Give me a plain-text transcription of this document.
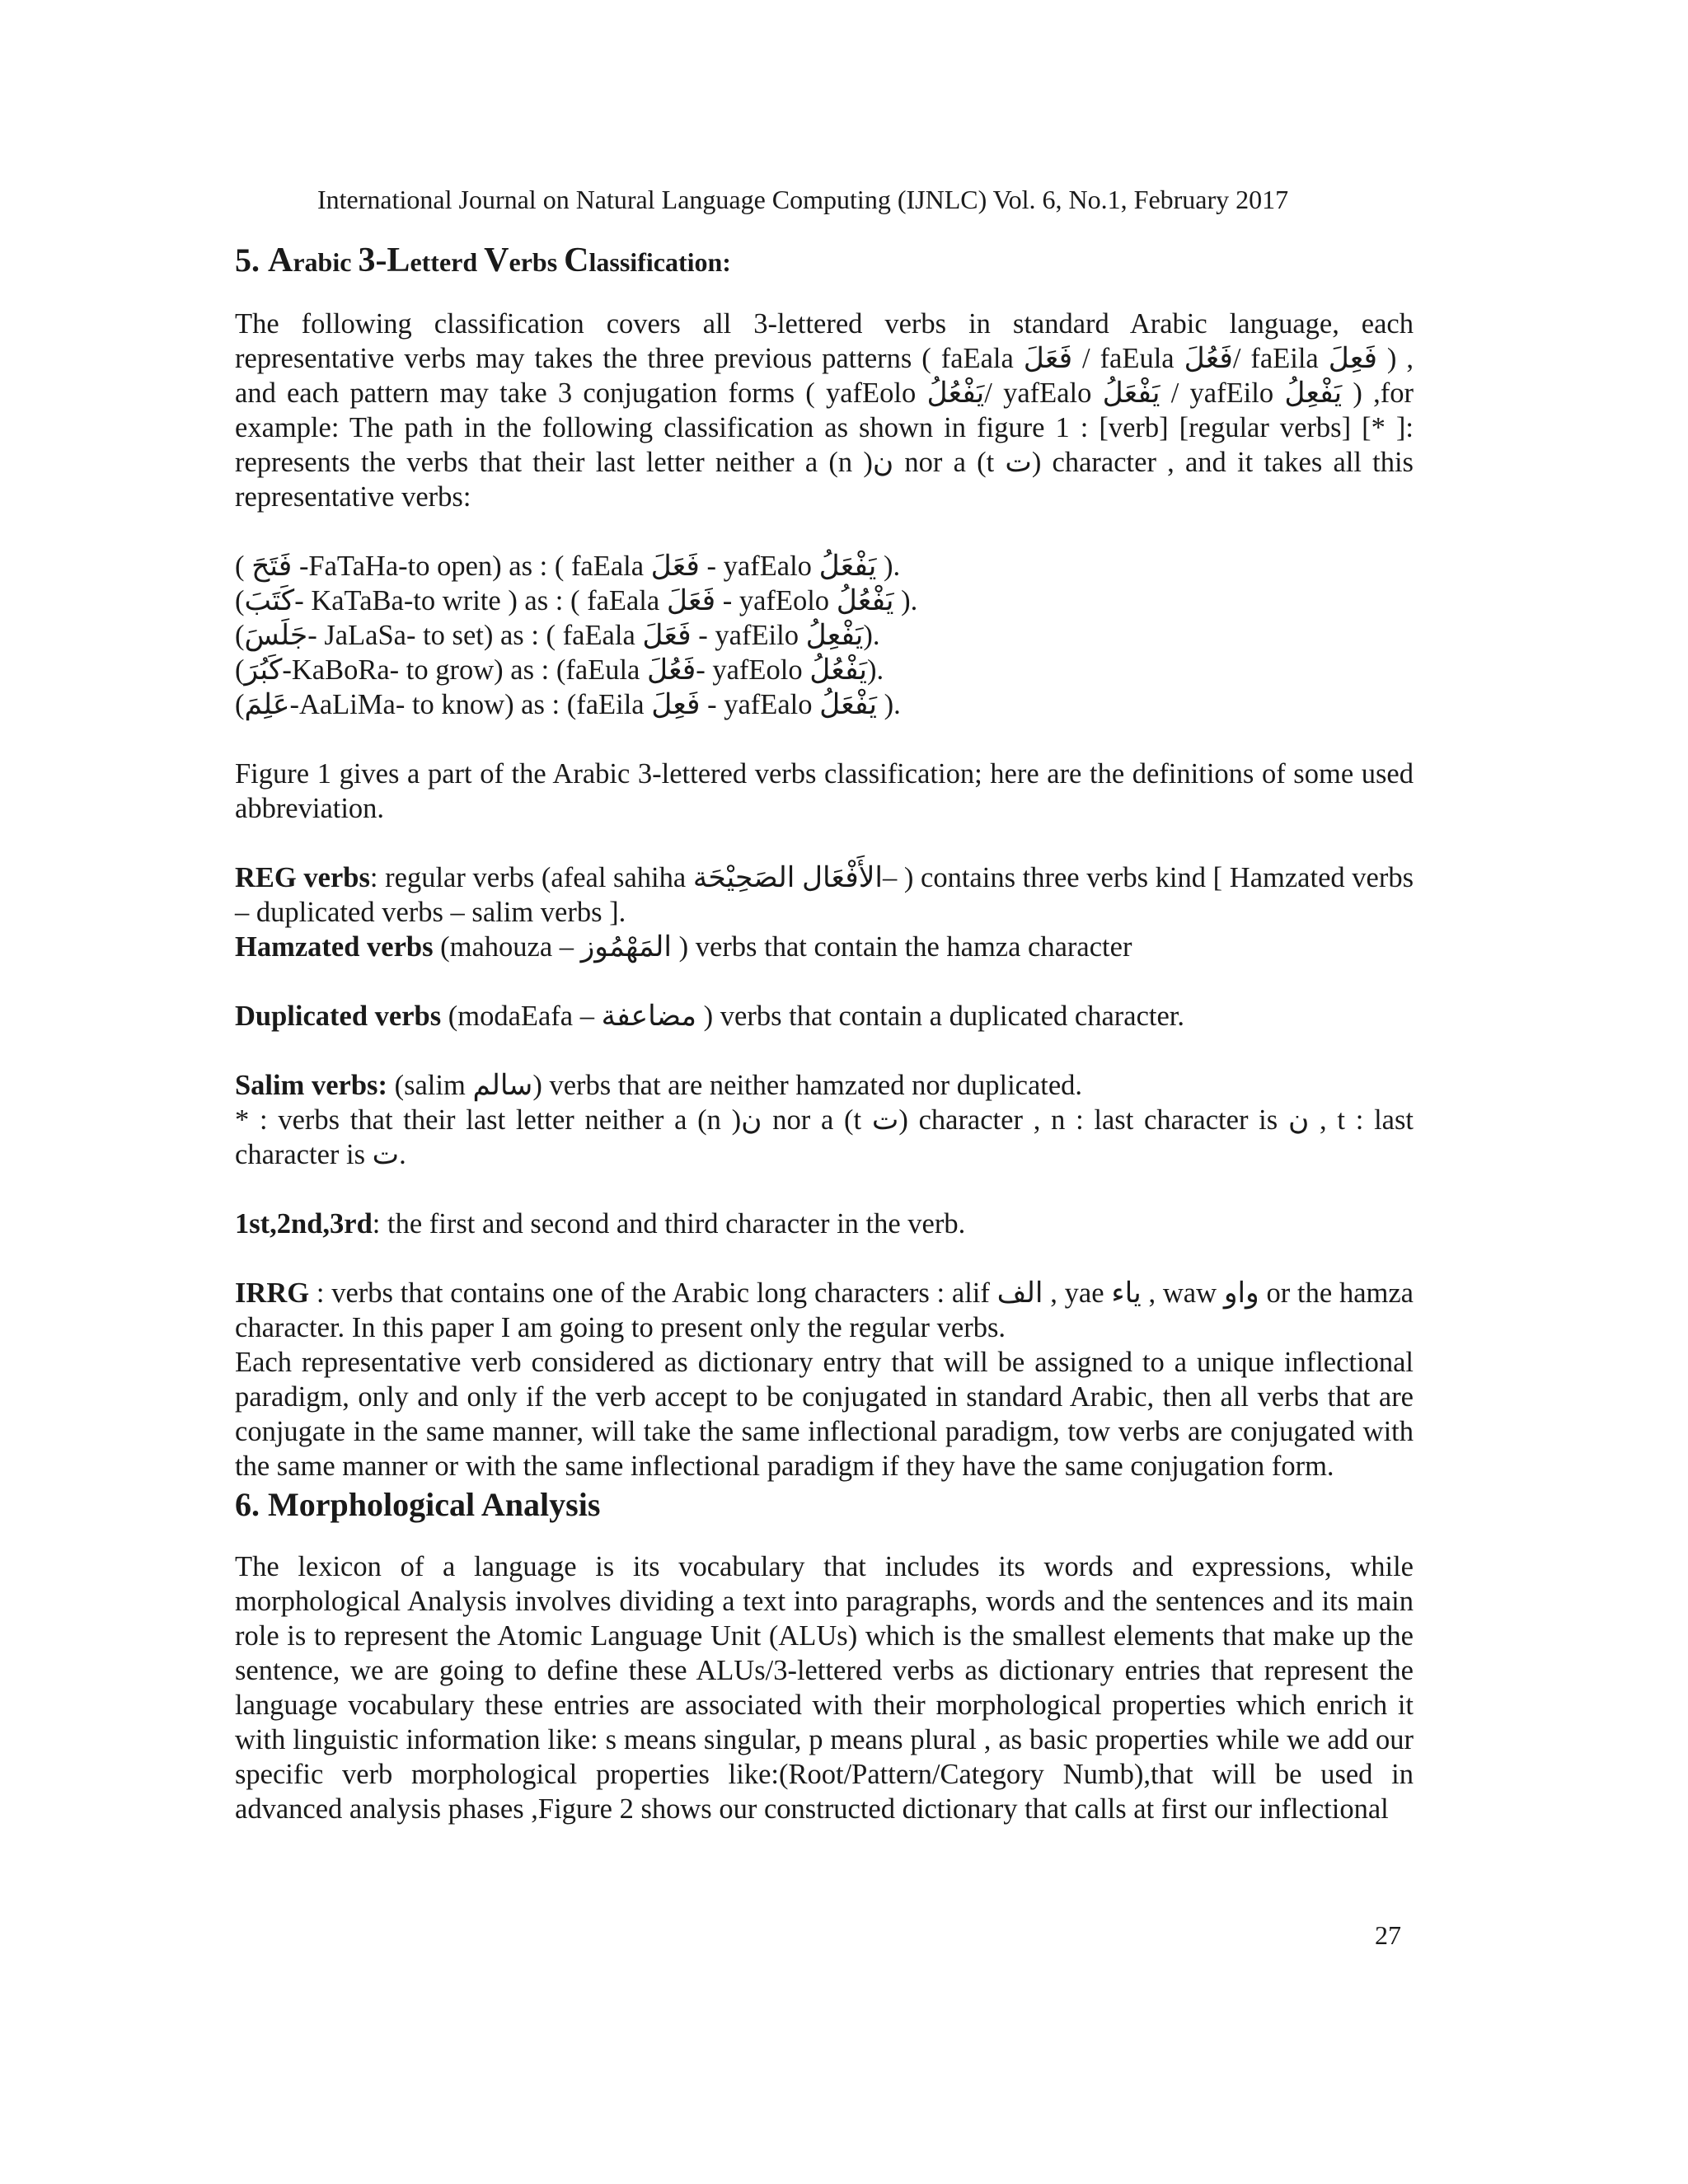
International Journal on Natural Language Computing (IJNLC) Vol. 6, No.1, February 2017
5. Arabic 3-Letterd Verbs Classification:

The following classification covers all 3-lettered verbs in standard Arabic language, each representative verbs may takes the three previous patterns ( faEala فَعَلَ / faEula فَعُلَ/ faEila فَعِلَ ) , and each pattern may take 3 conjugation forms ( yafEolo يَفْعُلُ/ yafEalo يَفْعَلُ / yafEilo يَفْعِلُ ) ,for example: The path in the following classification as shown in figure 1 : [verb] [regular verbs] [* ]: represents the verbs that their last letter neither a (n )ن nor a (t ت) character , and it takes all this representative verbs:

( فَتَحَ -FaTaHa-to open) as : ( faEala فَعَلَ - yafEalo يَفْعَلُ ).

(كَتَبَ- KaTaBa-to write ) as : ( faEala فَعَلَ - yafEolo يَفْعُلُ ).

(جَلَسَ- JaLaSa- to set) as : ( faEala فَعَلَ - yafEilo يَفْعِلُ).

(كَبُرَ-KaBoRa- to grow) as : (faEula فَعُلَ- yafEolo يَفْعُلُ).

(عَلِمَ-AaLiMa- to know) as : (faEila فَعِلَ - yafEalo يَفْعَلُ ).

Figure 1 gives a part of the Arabic 3-lettered verbs classification; here are the definitions of some used abbreviation.

REG verbs: regular verbs (afeal sahiha الأَفْعَال الصَحِيْحَة– ) contains three verbs kind [ Hamzated verbs – duplicated verbs – salim verbs ].

Hamzated verbs (mahouza – المَهْمُوز ) verbs that contain the hamza character

Duplicated verbs (modaEafa – مضاعفة ) verbs that contain a duplicated character.

Salim verbs: (salim سالم) verbs that are neither hamzated nor duplicated.

* : verbs that their last letter neither a (n )ن nor a (t ت) character , n : last character is ن , t : last character is ت.

1st,2nd,3rd: the first and second and third character in the verb.

IRRG : verbs that contains one of the Arabic long characters : alif الف , yae ياء , waw واو or the hamza character. In this paper I am going to present only the regular verbs.

Each representative verb considered as dictionary entry that will be assigned to a unique inflectional paradigm, only and only if the verb accept to be conjugated in standard Arabic, then all verbs that are conjugate in the same manner, will take the same inflectional paradigm, tow verbs are conjugated with the same manner or with the same inflectional paradigm if they have the same conjugation form.

6. Morphological Analysis

The lexicon of a language is its vocabulary that includes its words and expressions, while morphological Analysis involves dividing a text into paragraphs, words and the sentences and its main role is to represent the Atomic Language Unit (ALUs) which is the smallest elements that make up the sentence, we are going to define these ALUs/3-lettered verbs as dictionary entries that represent the language vocabulary these entries are associated with their morphological properties which enrich it with linguistic information like: s means singular, p means plural , as basic properties while we add our specific verb morphological properties like:(Root/Pattern/Category Numb),that will be used in advanced analysis phases ,Figure 2 shows our constructed dictionary that calls at first our inflectional

27
